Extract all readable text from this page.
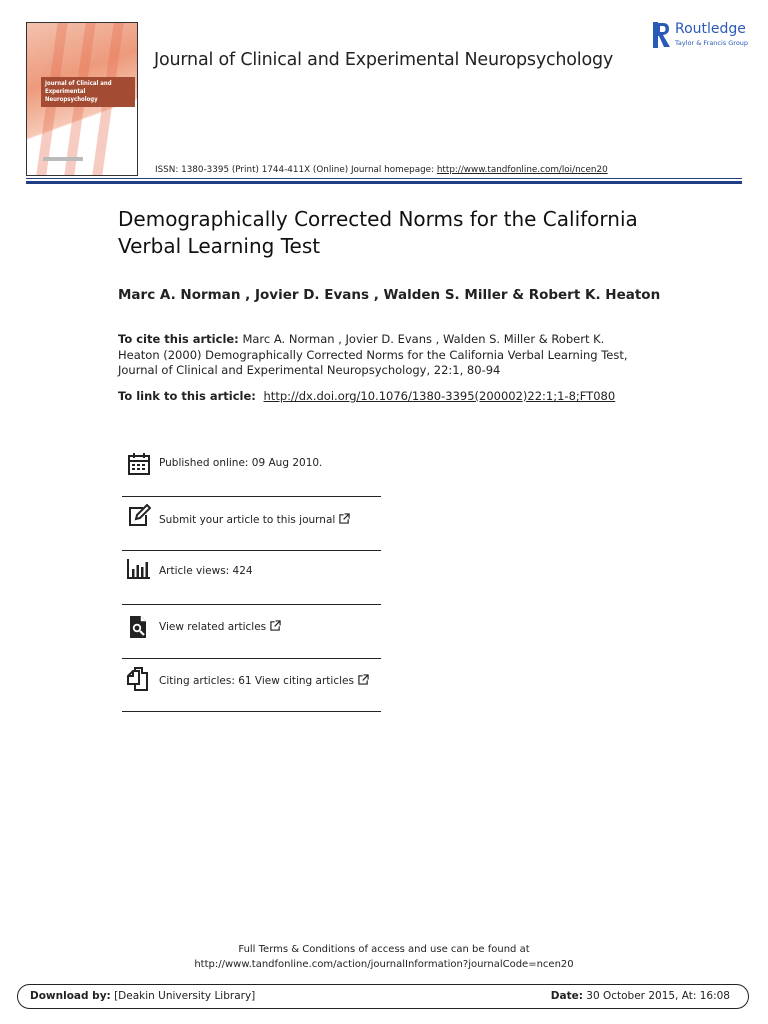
Journal of Clinical and Experimental Neuropsychology
Journal of Clinical and Experimental Neuropsychology
Routledge
Taylor & Francis Group
ISSN: 1380-3395 (Print) 1744-411X (Online) Journal homepage: http://www.tandfonline.com/loi/ncen20
Demographically Corrected Norms for the California Verbal Learning Test
Marc A. Norman , Jovier D. Evans , Walden S. Miller & Robert K. Heaton
To cite this article: Marc A. Norman , Jovier D. Evans , Walden S. Miller & Robert K. Heaton (2000) Demographically Corrected Norms for the California Verbal Learning Test, Journal of Clinical and Experimental Neuropsychology, 22:1, 80-94
To link to this article: http://dx.doi.org/10.1076/1380-3395(200002)22:1;1-8;FT080
Published online: 09 Aug 2010.
Submit your article to this journal
Article views: 424
View related articles
Citing articles: 61 View citing articles
Full Terms & Conditions of access and use can be found at
http://www.tandfonline.com/action/journalInformation?journalCode=ncen20
Download by: [Deakin University Library]	Date: 30 October 2015, At: 16:08
